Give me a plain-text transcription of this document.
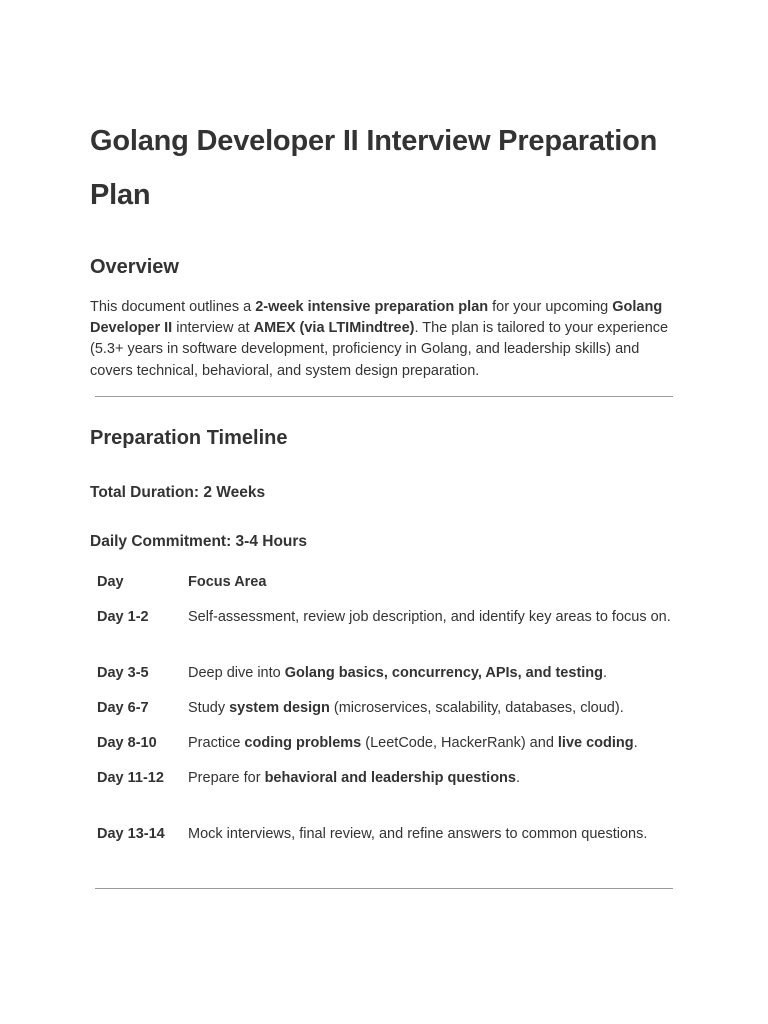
Golang Developer II Interview Preparation Plan
Overview

This document outlines a 2-week intensive preparation plan for your upcoming Golang Developer II interview at AMEX (via LTIMindtree). The plan is tailored to your experience (5.3+ years in software development, proficiency in Golang, and leadership skills) and covers technical, behavioral, and system design preparation.

Preparation Timeline
Total Duration: 2 Weeks
Daily Commitment: 3-4 Hours
Day	Focus Area
Day 1-2	Self-assessment, review job description, and identify key areas to focus on.
Day 3-5	Deep dive into Golang basics, concurrency, APIs, and testing.
Day 6-7	Study system design (microservices, scalability, databases, cloud).
Day 8-10	Practice coding problems (LeetCode, HackerRank) and live coding.
Day 11-12	Prepare for behavioral and leadership questions.
Day 13-14	Mock interviews, final review, and refine answers to common questions.
